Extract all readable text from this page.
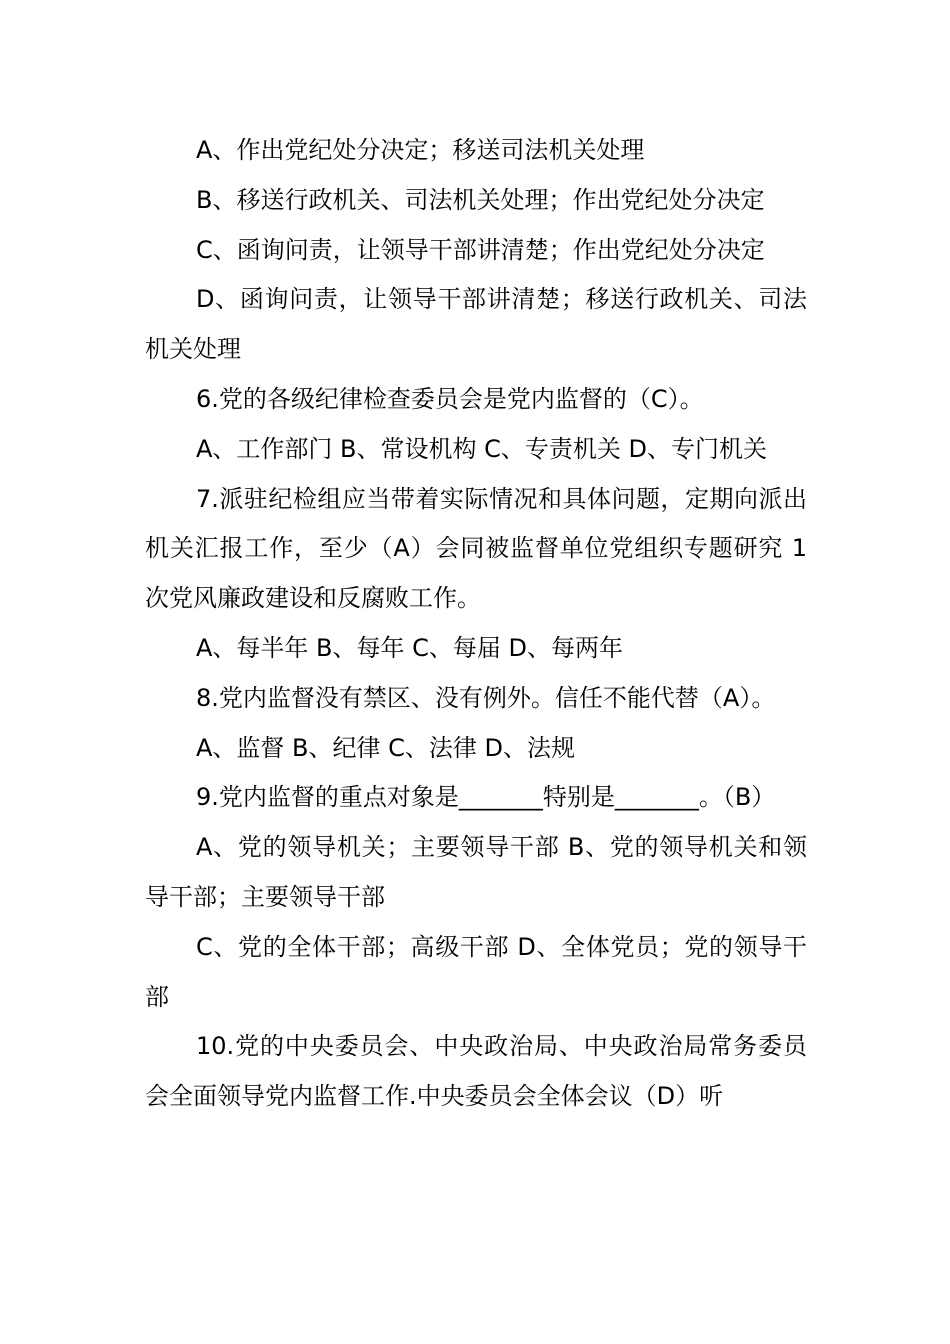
A、作出党纪处分决定；移送司法机关处理

B、移送行政机关、司法机关处理；作出党纪处分决定

C、函询问责，让领导干部讲清楚；作出党纪处分决定

D、函询问责，让领导干部讲清楚；移送行政机关、司法机关处理

6.党的各级纪律检查委员会是党内监督的（C）。

A、工作部门 B、常设机构 C、专责机关 D、专门机关

7.派驻纪检组应当带着实际情况和具体问题，定期向派出机关汇报工作，至少（A）会同被监督单位党组织专题研究 1 次党风廉政建设和反腐败工作。

A、每半年 B、每年 C、每届 D、每两年

8.党内监督没有禁区、没有例外。信任不能代替（A）。

A、监督 B、纪律 C、法律 D、法规

9.党内监督的重点对象是_______特别是_______。（B）

A、党的领导机关；主要领导干部 B、党的领导机关和领导干部；主要领导干部

C、党的全体干部；高级干部 D、全体党员；党的领导干部

10.党的中央委员会、中央政治局、中央政治局常务委员会全面领导党内监督工作.中央委员会全体会议（D）听
